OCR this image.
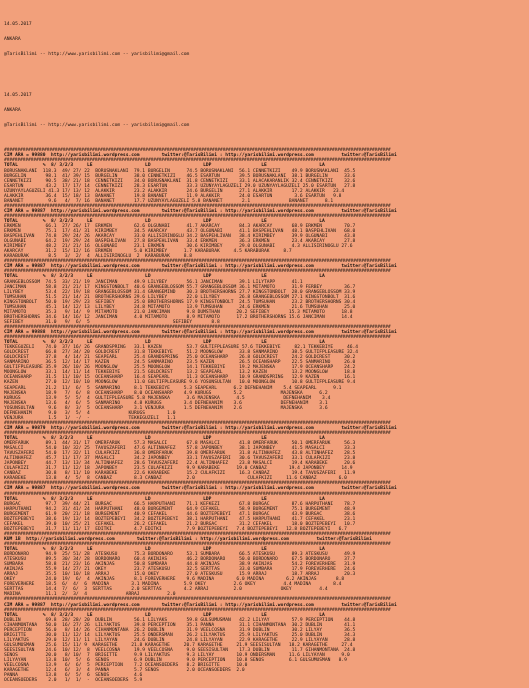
14.05.2017

ANKARA

@TarisBilimi -- http://www.yarisbilimi.com -- yarisbilimi@gmail.com

14.05.2017

ANKARA

@TarisBilimi -- http://www.yarisbilimi.com -- yarisbilimi@gmail.com

#################################################################################################################################################
CIM ARA = 99880  http://yarisbilimi.wordpress.com        twitter:@TarisBilimi : http://yarisbilimi.wordpress.com          twitter:@TarisBilimi
#################################################################################################################################################
TOTAL         %  8/ 3/2/3     LE                   LD                   LDP                  LE                   LA
BORUSNAKLANI  118.3  49/ 27/ 22  BORUSNAKLANI  79.1 BURGELIN      74.5 BORUSNAKLANI  56.1 CENNETKIZI    49.9 BORUSNAKLANI  45.5
BURGELIN       98.1  41/ 39/ 15  BURGELIN      38.0 CENNETKIZI    46.5 ESARTUN       39.5 BORUSNAKLANI  38.1 BURGELIN      33.6
CENNETKIZI     90.5  38/ 21/ 18  CENNETKIZI    34.0 BORUSNAKLANI  31.8 CENNETKIZI    33.1 ALACAKARANLIK 32.4 CENNETKIZI    32.6
ESARTUN        43.2  17/ 17/ 14  CENNETKIZI    28.3 ESARTUN       33.3 UZUNYAYLAGUZELI 29.0 UZUNYAYLAGUZELI 25.0 ESARTUN   27.8
UZUNYAYLAGUZELI 41.3 17/ 13/ 12  ALAKKIR       23.2 ALAKKIR       24.6 BURGELIN      27.1 ALAKKIR       17.2 ALAKKIR   23.4
ALAKKIR        36.4  15/ 18/ 13  BANANET       19.8 BANANET       11.9 ALAKKIR       24.0 ESARTUN        3.6 ESARTUN   9.8
BANANET         9.6   4/  7/ 16  BANANET       17.7 UZUNYAYLAGUZELI 5.8 BANANET       2.1              BANANET      8.1
#################################################################################################################################################
CIM ARA = 99887  http://yarisbilimi.wordpress.com        twitter:@TarisBilimi : http://yarisbilimi.wordpress.com          twitter:@TarisBilimi
#################################################################################################################################################
TOTAL         %  8/ 3/2/3     LE                   LD                   LDP                  LE                   LA
ERKMEN         66.1  27/ 26/ 17  ERKMEN        62.6 OLGUNABI      41.7 AKARCAY       84.3 AKARCAY       68.9 ERKMEN        70.7
ERKMEN         75.1  17/ 41/ 31  KIRIMBEY      34.5 AKARCAY       43.7 OLGUNABI      41.1 BASPEHLIVAN   48.1 BASPEHLIVAN   68.0
BASPEHLIVAN    74.8  29/ 24/ 26  AKARCAY       33.0 ALLISIRINOGLU 34.2 BASPEHLIVAN   38.4 KIRIMBEY      39.9 OLGUNABI      43.8
OLGUNABI       64.2  19/ 29/ 24  BASPEHLIVAN   27.8 BASPEHLIVAN   33.4 ERKMEN        36.3 ERKMEN        23.4 AKARCAY       27.8
KIRIMBEY       48.2  21/ 21/ 16  OLGUNABI      23.1 ERKMEN        30.6 KIRIMBEY      29.0 OLGUNABI      4.3 ALLISIRINOGLU 27.6
AKARCAY        31.2  15/ 12/ 16  ERKMEN        5.0 KIRIMBEY      1.7 KARABURAK     4.5 KARABURAK     8.7
KARABURAK       8.5   3/  2/  4  ALLISIRINOGLU  2  KARABURAK     8.8
#################################################################################################################################################
CIM ARA = 99887  http://yarisbilimi.wordpress.com        twitter:@TarisBilimi : http://yarisbilimi.wordpress.com          twitter:@TarisBilimi
#################################################################################################################################################
TOTAL         %  8/ 3/2/3     LE                   LD                   LDP                  LE                   LA
GRANGEBLOSSOM  74.5  33/ 21/ 19  JANCIMAN      49.9 LILYBEY       56.1 JANCIMAN      39.1 LILYTAPP      41.1
JANCIMAN       58.8  21/ 21/ 17  KINGSTONBOLT  40.6 GRANGEBLOSSOM 55.7 GRANGEBLOSSOM 36.1 MITAMOTO      31.9 FERBEY        36.7
LILYBEY        53.4  22/ 19/ 18  GRANGEBLOSSOM 31.4 GRANGEMIND    30.3 BROTHERSHORNS 27.7 KINGSTONBOLT  28.0 GRANGEBLOSSOM 33.9
TUMSUHAN       51.5  21/ 14/ 21  BROTHERSHORNS 29.6 LILYBEY       22.0 LILYBEY       26.8 GRANGEBLOSSOM 27.1 KINGSTONBOLT  31.6
KINGSTONBOLT   50.0  19/ 29/ 23  SEFIBEY       25.0 BROTHERSHORNS 17.9 KINGSTONBOLT  24.5 TUMSUHAN      23.2 BROTHERSHORNS 30.4
TUMSUHAN       45.1  14/ 12/ 13  LILYBEY       24.8 MITAMOTO      13.9 TUMSUHAN      24.6 ERKMEN        21.6 TUMSUHAN      25.0
MITAMOTO       35.3   9/ 14/  9  MITAMOTO      21.0 JANCIMAN      9.8 DUMSTHAN      20.2 SEFIBEY       15.3 MITAMOTO      18.8
BROTHERSHORNS  34.6  14/ 16/ 12  JANCIMAN      4.0 MITAMOTO       8.9 MITAMOTO      17.2 BROTHERSHORNS 15.6 JANCIMAN      14.4
SEFIBEY        31.0   9/  6/  5                              SEFIBEY       8.8
#################################################################################################################################################
CIM ARA = 99888  http://yarisbilimi.wordpress.com        twitter:@TarisBilimi : http://yarisbilimi.wordpress.com          twitter:@TarisBilimi
#################################################################################################################################################
TOTAL         %  8/ 3/2/3     LE                   LD                   LDP                  LE                   LA
TEKKEGUZELI    74.0  37/ 16/ 26  GRANDSPRING   33.1 KAZEN         53.7 GULTIFPLEASURE 57.6 TEKKEBIYE     82.1 TEKKEBIYE     46.4
GOLDCREST      66.8  27/ 34/ 20  GOLDCREST     31.8 TEKKEBIYE     51.2 MOONGLOW      33.8 SANMARINO     38.5 GULTIFPLEASURE 32.4
GOLDCREST      37.8   4/ 14/ 21  SEAPEARL      25.4 GRANDSPRING   25.0 OCEANSHARP    26.8 GOLDCREST     24.2 GOLDCREST     30.2
SANMARINO      36.5  12/ 14/ 17  KAZEN         24.5 SANMARINO     23.5 KAZEN         26.5 OCEANSHARP    22.5 SANMARINO     26.0
GULTIFPLEASURE 35.9  26/ 10/ 26  MOONGLOW      25.5 MOONGLOW      14.1 TEKKEBIYE     19.2 MAJENSKA      17.9 OCEANSHARP    24.2
MOONGLOW       33.1  14/ 11/ 14  TEKKEBIYE     21.5 GOLDCREST     13.2 SEAPEARL      13.2 KAZEN         13.2 MOONGLOW      18.8
OCEANSHARP     31.5  11/ 10/ 15  OCEANSHARP    16.4 SEAPEARL      11.3 OCEANSHARP    10.9 GRANDSPRING   12.9 KAZEN         16.1
KAZEN          27.0  12/ 10/ 10  MOONGLOW      11.0 GULTIFPLEASURE 9.6 YOSUNSULTAN   10.0 MOONGLOW      10.8 GULTIFPLEASURE 9.4
SEAPEARL       21.2  11/  6/  5  SANMARINO     8.1 TEKKEBIYE     5.3 SEAPEARL      6.2 DEFNEHANIM    5.4 SEAPEARL      9.1
MAJENSKA       18.9   7/  6/  8  OCEANSHARP    8.0 OCEANSHARP    4.9 KURUGS        5.2              MAJENSKA      6.2
KURUGS         13.9   5/  5/  4  GULTIFPLEASURE 5.8 MAJENSKA      3.6 MAJENSKA      4.5              DEFNEHANIM    3.4
MAJENSKA       13.6   4/  6/  5  SANMARINO     4.8 KURUGS        3.4 DEFNEHANIM    3.6              DEFNEHANIM    3.1
YOSUNSULTAN     9.6   8/  3/  5  OCEANSHARP    3.1 VENJURA       1.5 DEFNEHANIM    2.6              MAJENSKA      3.6
DEFNEHANIM      9.0   3/  5/  4              KURUGS        1.0
VENJURA         1.5   1/  -/  -              TEKKEGUZELI   1.1
#################################################################################################################################################
CIM ARA = 99879  http://yarisbilimi.wordpress.com        twitter:@TarisBilimi : http://yarisbilimi.wordpress.com          twitter:@TarisBilimi
#################################################################################################################################################
TOTAL         %  8/ 3/2/3     LE                   LD                   LDP                  LE                   LA
OMERFARUK      89.1  44/ 31/ 17  OMERFARUK     57.3 MASALCI       67.8 MASALCI       41.8 OMERFARUK     50.1 OMERFARUK     56.3
MASALCI        54.0  10/ 32/ 25  TAVUSZAFERI   47.6 ALTINHAFEZ    57.8 JAPONBEY      38.1 JAPONBEY      41.5 MASALCI       33.3
TAVUSZAFERI    54.0  17/ 32/ 11  CULAFKIZI     36.8 OMERFARUK     39.8 OMERFARUK     31.8 ALTINHAFEZ    43.8 ALTINHAFEZ    28.5
ALTINHAFEZ     45.7  11/ 17/ 37  MASALCI       34.2 JAPONBEY      33.1 TAVUSZAFERI   30.6 TAVUSZAFERI   33.1 CULAFKIZI     23.8
JAPONBEY       44.7  13/ 13/ 34  ALTINHAFEZ    28.6 TAVUSZAFERI   22.4 ALTINHAFEZ    23.8 MASALCI       19.4 KARABEKE      20.6
CULAFKIZI      31.7  11/ 12/ 18  JAPONBEY      23.5 CULAFKIZI     9.9 KARABEKE      19.0 CANBAZ        19.4 JAPONBEY      14.9
CANBAZ         30.8   8/ 11/ 10  KARABEKE      22.6 KARABEKE      15.2 CULAFKIZI     16.3 CANBAZ        19.4 TAVUSZAFERI   11.9
KARABEKE       13.8   4/  5/  8  CANBAZ        8.3 CANBAZ         2.0                   CULAFKIZI     11.6 CANBAZ        6.0
#################################################################################################################################################
CIM ARA = 99887  http://yarisbilimi.wordpress.com        twitter:@TarisBilimi : http://yarisbilimi.wordpress.com          twitter:@TarisBilimi
#################################################################################################################################################
TOTAL         %  8/ 3/2/3     LE                   LD                   LDP                  LE                   LA
BURGAC         97.7  39/ 44/ 21  BURGAC        66.5 HARPUTHANI    71.1 KEFKEZI       67.8 BURGAC        87.6 HARPUTHANI    78.7
HARPUTHANI     94.2  31/ 41/ 24  HARPUTHANI    48.0 BURGEMENT     64.9 CEFAKEL       58.9 BURGEMENT     75.1 BURGEMENT     48.9
BURGEMENT      61.9  20/ 21/ 18  BURGEMENT     40.9 CEFAKEL       44.6 BOZTEPEBEYI   47.1 BURGAC        43.9 BURGAC        38.6
BOZTEPEBEYI    38.6  19/ 13/ 14  BOZTEPEBEYI   34.2 BOZTEPEBEYI   38.1 HARPUTHANI    47.5 HARPUTHANI    41.7 CEFAKEL       23.1
CEFAKEL        39.0  10/ 25/ 21  CEFAKEL       26.2 CEFAKEL       21.2 BURGAC        31.2 CEFAKEL       18.0 BOZTEPEBEYI   10.7
BOZTEPEBEYI    31.7  11/ 11/ 17  EDITKI        4.7 EDITKI         7.9 BOZTEPEBEYI   7.4 BOZTEPEBEYI   12.8 BOZTEPEBEYI   6.7
#################################################################################################################################################
KUM 1B  http://yarisbilimi.wordpress.com        twitter:@TarisBilimi : http://yarisbilimi.wordpress.com          twitter:@TarisBilimi
#################################################################################################################################################
TOTAL         %  8/ 3/2/3     LE                   LD                   LDP                  LE                   LA
BORDONARO      94.9  25/ 51/ 28  ATESKUSU      75.3 BORDONARO     53.1 SUMBARA       66.5 ATESKUSU      89.3 ATESKUSU      49.9
ATESKUSU       89.5  30/ 34/ 28  BORDONARO     60.4 AKINJAS       46.2 BORDONARO     50.0 BORDONARO     67.5 BORDONARO     37.7
SUMBARA        58.8  21/ 23/ 16  AKINJAS       50.8 SUMBARA       44.8 AKINJAS       38.9 AKINJAS       54.2 FOREVERHERE   31.9
AKINJAS        55.9  14/ 27/ 21  OKEY          23.7 ATESKUSU      32.5 SERTTAS       33.0 SUMBARA       17.9 FOREVERHERE   24.6
ARRAJ          35.5  10/ 10/ 18  ARRAJ         15.0 OKEY          27.0 ATESKUSU      15.9 ARRAJ         18.7 ARRAJ         20.3
OKEY           24.0  19/  6/  4  AKINJAS       8.1 FOREVERHERE    9.6 MADINA        6.0 MADINA        6.2 AKINJAS       8.8
FOREVERHERE    18.5  6/  4/  6  MADINA        3.1 MADINA         5.9 OKEY          2.6 OKEY          4.4 MADINA        8.4
SERTTAS        14.4  7/  6/  3  SERTTAS       2.0 SERTTAS        4.2 ARRAJ         2.0              OKEY          4.4
MADINA         11.1  2/  3/  4              ARRAJ          2.0
#################################################################################################################################################
CIM ARA = 99887  http://yarisbilimi.wordpress.com        twitter:@TarisBilimi : http://yarisbilimi.wordpress.com          twitter:@TarisBilimi
#################################################################################################################################################
TOTAL         %  8/ 3/2/3     LE                   LD                   LDP                  LE                   LA
DUBLIN         69.8  28/ 28/ 20  DUBLIN        56.1 LILYAKS       59.8 GULSUMUSMAN   42.2 LILYAY        57.9 PERCEPTION    44.8
CIHANMONTANA   50.0  16/ 27/ 26  LILYAKTUS     39.8 PERCEPTION    35.1 PANNA         31.1 CIHANMONTANA  30.2 DUBLIN        41.1
PERCEPTION     56.0   8/ 14/ 26  CIHANMONTANA  26.2 DUBLIN        31.9 VEELCOSNA     31.9 DUBLIN        30.2 LILYAY        36.5
BRIGITTE       30.0  11/ 12/ 14  LILYAKTUS     25.5 ONDERSMAN     26.2 LILYAKTUS     25.9 LILYAKTUS     25.0 DUBLIN        34.3
LILYAKTUS      29.0  12/ 11/ 11  LILYAYAN      24.6 DUBLIN        24.8 LILYAYAN      22.9 KARAGETHE     22.9 LILYAYAN      28.8
GULSUMUSMAN    25.6  15/ 11/ 9  KARAGETHE     21.8 KARAGETHE     20.7 KARAGETHE     21.9 SEESISULTAN   18.2 KARAGETHE     27.4
SEESISULTAN    24.6  10/ 12/  8  VEELCOSNA     19.9 VEELCOSNA     9.0 SEESISULTAN    17.3 DUBLIN        11.7 GIHANMONTANA  24.8
SENOS          20.0   8/ 10/  7  BRIGITTE      9.9 LILYAKTUS      9.3 LILYAY        10.9 ONDERSMAN     11.6 LILYAYAN      9.0
LILYAYAN       13.8  10/  5/  6  SENOS         6.9 DUBLIN         9.0 PERCEPTION    10.8 SENOS         6.1 GULSUMUSMAN   8.9
VEELCOSNA      13.9   6/  6/  5  PERCEPTION    7.2 OCEANSOEDERS   8.2 BRIGITTE      10.0
KARAGETHE      12.4   6/  3/  4  PANNA         5.7 SENOS          2.0 OCEANSOEDERS  2.0
PANNA          13.8   6/  5/  6  SENOS         4.6
OCEANSOEDERS    2.0   1/  1/  -  OCEANSOEDERS  5.9
